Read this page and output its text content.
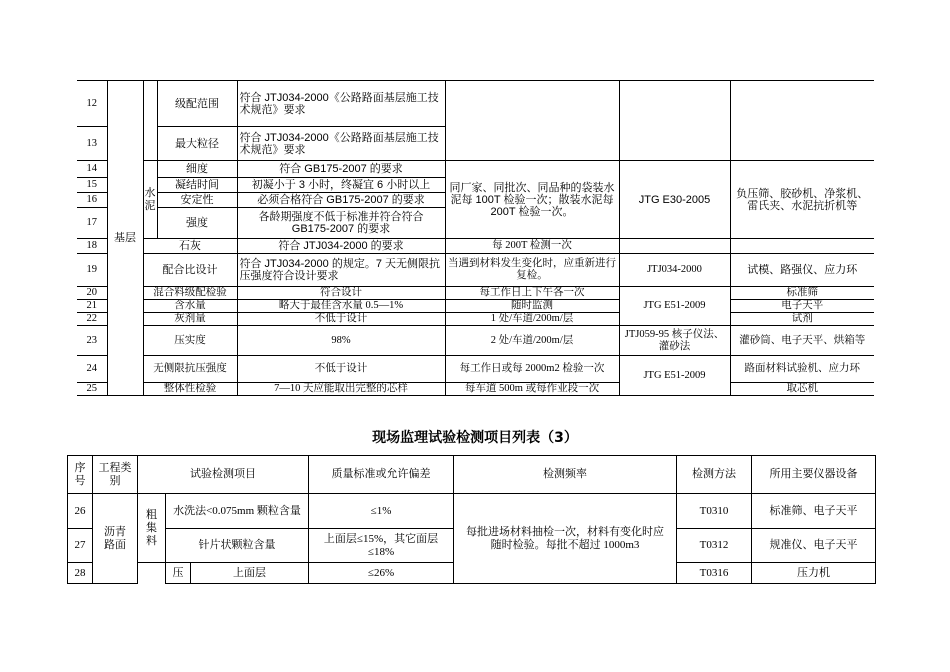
12	基层		级配范围	符合 JTJ034-2000《公路路面基层施工技术规范》要求			
13			最大粒径	符合 JTJ034-2000《公路路面基层施工技术规范》要求			
14		水泥	细度	符合 GB175-2007 的要求	同厂家、同批次、同品种的袋装水泥每 100T 检验一次；散装水泥每 200T 检验一次。	JTG E30-2005	负压筛、胶砂机、净浆机、雷氏夹、水泥抗折机等
15			凝结时间	初凝小于 3 小时，终凝宜 6 小时以上			
16			安定性	必须合格符合 GB175-2007 的要求			
17			强度	各龄期强度不低于标准并符合符合 GB175-2007 的要求			
18		石灰		符合 JTJ034-2000 的要求	每 200T 检测一次		
19		配合比设计		符合 JTJ034-2000 的规定。7 天无侧限抗压强度符合设计要求	当遇到材料发生变化时，应重新进行复检。	JTJ034-2000	试模、路强仪、应力环
20		混合料级配检验		符合设计	每工作日上下午各一次	JTG E51-2009	标准筛
21		含水量		略大于最佳含水量 0.5—1%	随时监测		电子天平
22		灰剂量		不低于设计	1 处/车道/200m/层		试剂
23		压实度		98%	2 处/车道/200m/层	JTJ059-95 核子仪法、灌砂法	灌砂筒、电子天平、烘箱等
24		无侧限抗压强度		不低于设计	每工作日或每 2000m2 检验一次	JTG E51-2009	路面材料试验机、应力环
25		整体性检验		7—10 天应能取出完整的芯样	每车道 500m 或每作业段一次		取芯机
现场监理试验检测项目列表（3）
序号	工程类别	试验检测项目			质量标准或允许偏差	检测频率	检测方法	所用主要仪器设备
26	沥青路面	粗集料	水洗法<0.075mm 颗粒含量		≤1%	每批进场材料抽检一次，材料有变化时应随时检验。每批不超过 1000m3	T0310	标准筛、电子天平
27			针片状颗粒含量		上面层≤15%，其它面层≤18%		T0312	规准仪、电子天平
28			压	上面层	≤26%		T0316	压力机
